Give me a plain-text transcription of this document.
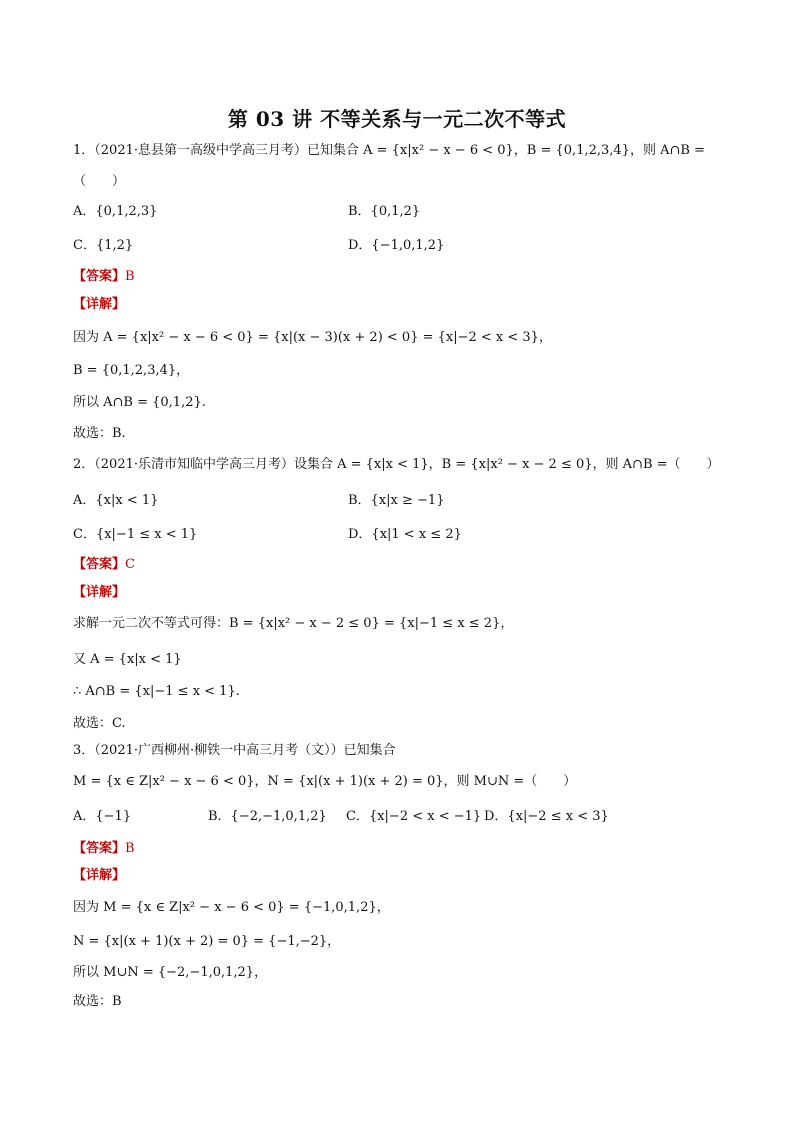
第 03 讲 不等关系与一元二次不等式
1．（2021·息县第一高级中学高三月考）已知集合 A = {x|x² − x − 6 < 0}，B = {0,1,2,3,4}，则 A∩B =
（　　）
A．{0,1,2,3}	B．{0,1,2}
C．{1,2}	D．{−1,0,1,2}
【答案】B
【详解】
因为 A = {x|x² − x − 6 < 0} = {x|(x − 3)(x + 2) < 0} = {x|−2 < x < 3}，
B = {0,1,2,3,4}，
所以 A∩B = {0,1,2}.
故选：B.
2．（2021·乐清市知临中学高三月考）设集合 A = {x|x < 1}，B = {x|x² − x − 2 ≤ 0}，则 A∩B =（　　）
A．{x|x < 1}	B．{x|x ≥ −1}
C．{x|−1 ≤ x < 1}	D．{x|1 < x ≤ 2}
【答案】C
【详解】
求解一元二次不等式可得：B = {x|x² − x − 2 ≤ 0} = {x|−1 ≤ x ≤ 2}，
又 A = {x|x < 1}
∴ A∩B = {x|−1 ≤ x < 1}.
故选：C.
3．（2021·广西柳州·柳铁一中高三月考（文））已知集合
M = {x ∈ Z|x² − x − 6 < 0}，N = {x|(x + 1)(x + 2) = 0}，则 M∪N =（　　）
A．{−1}	B．{−2,−1,0,1,2} C．{x|−2 < x < −1} D．{x|−2 ≤ x < 3}
【答案】B
【详解】
因为 M = {x ∈ Z|x² − x − 6 < 0} = {−1,0,1,2}，
N = {x|(x + 1)(x + 2) = 0} = {−1,−2}，
所以 M∪N = {−2,−1,0,1,2}，
故选：B
